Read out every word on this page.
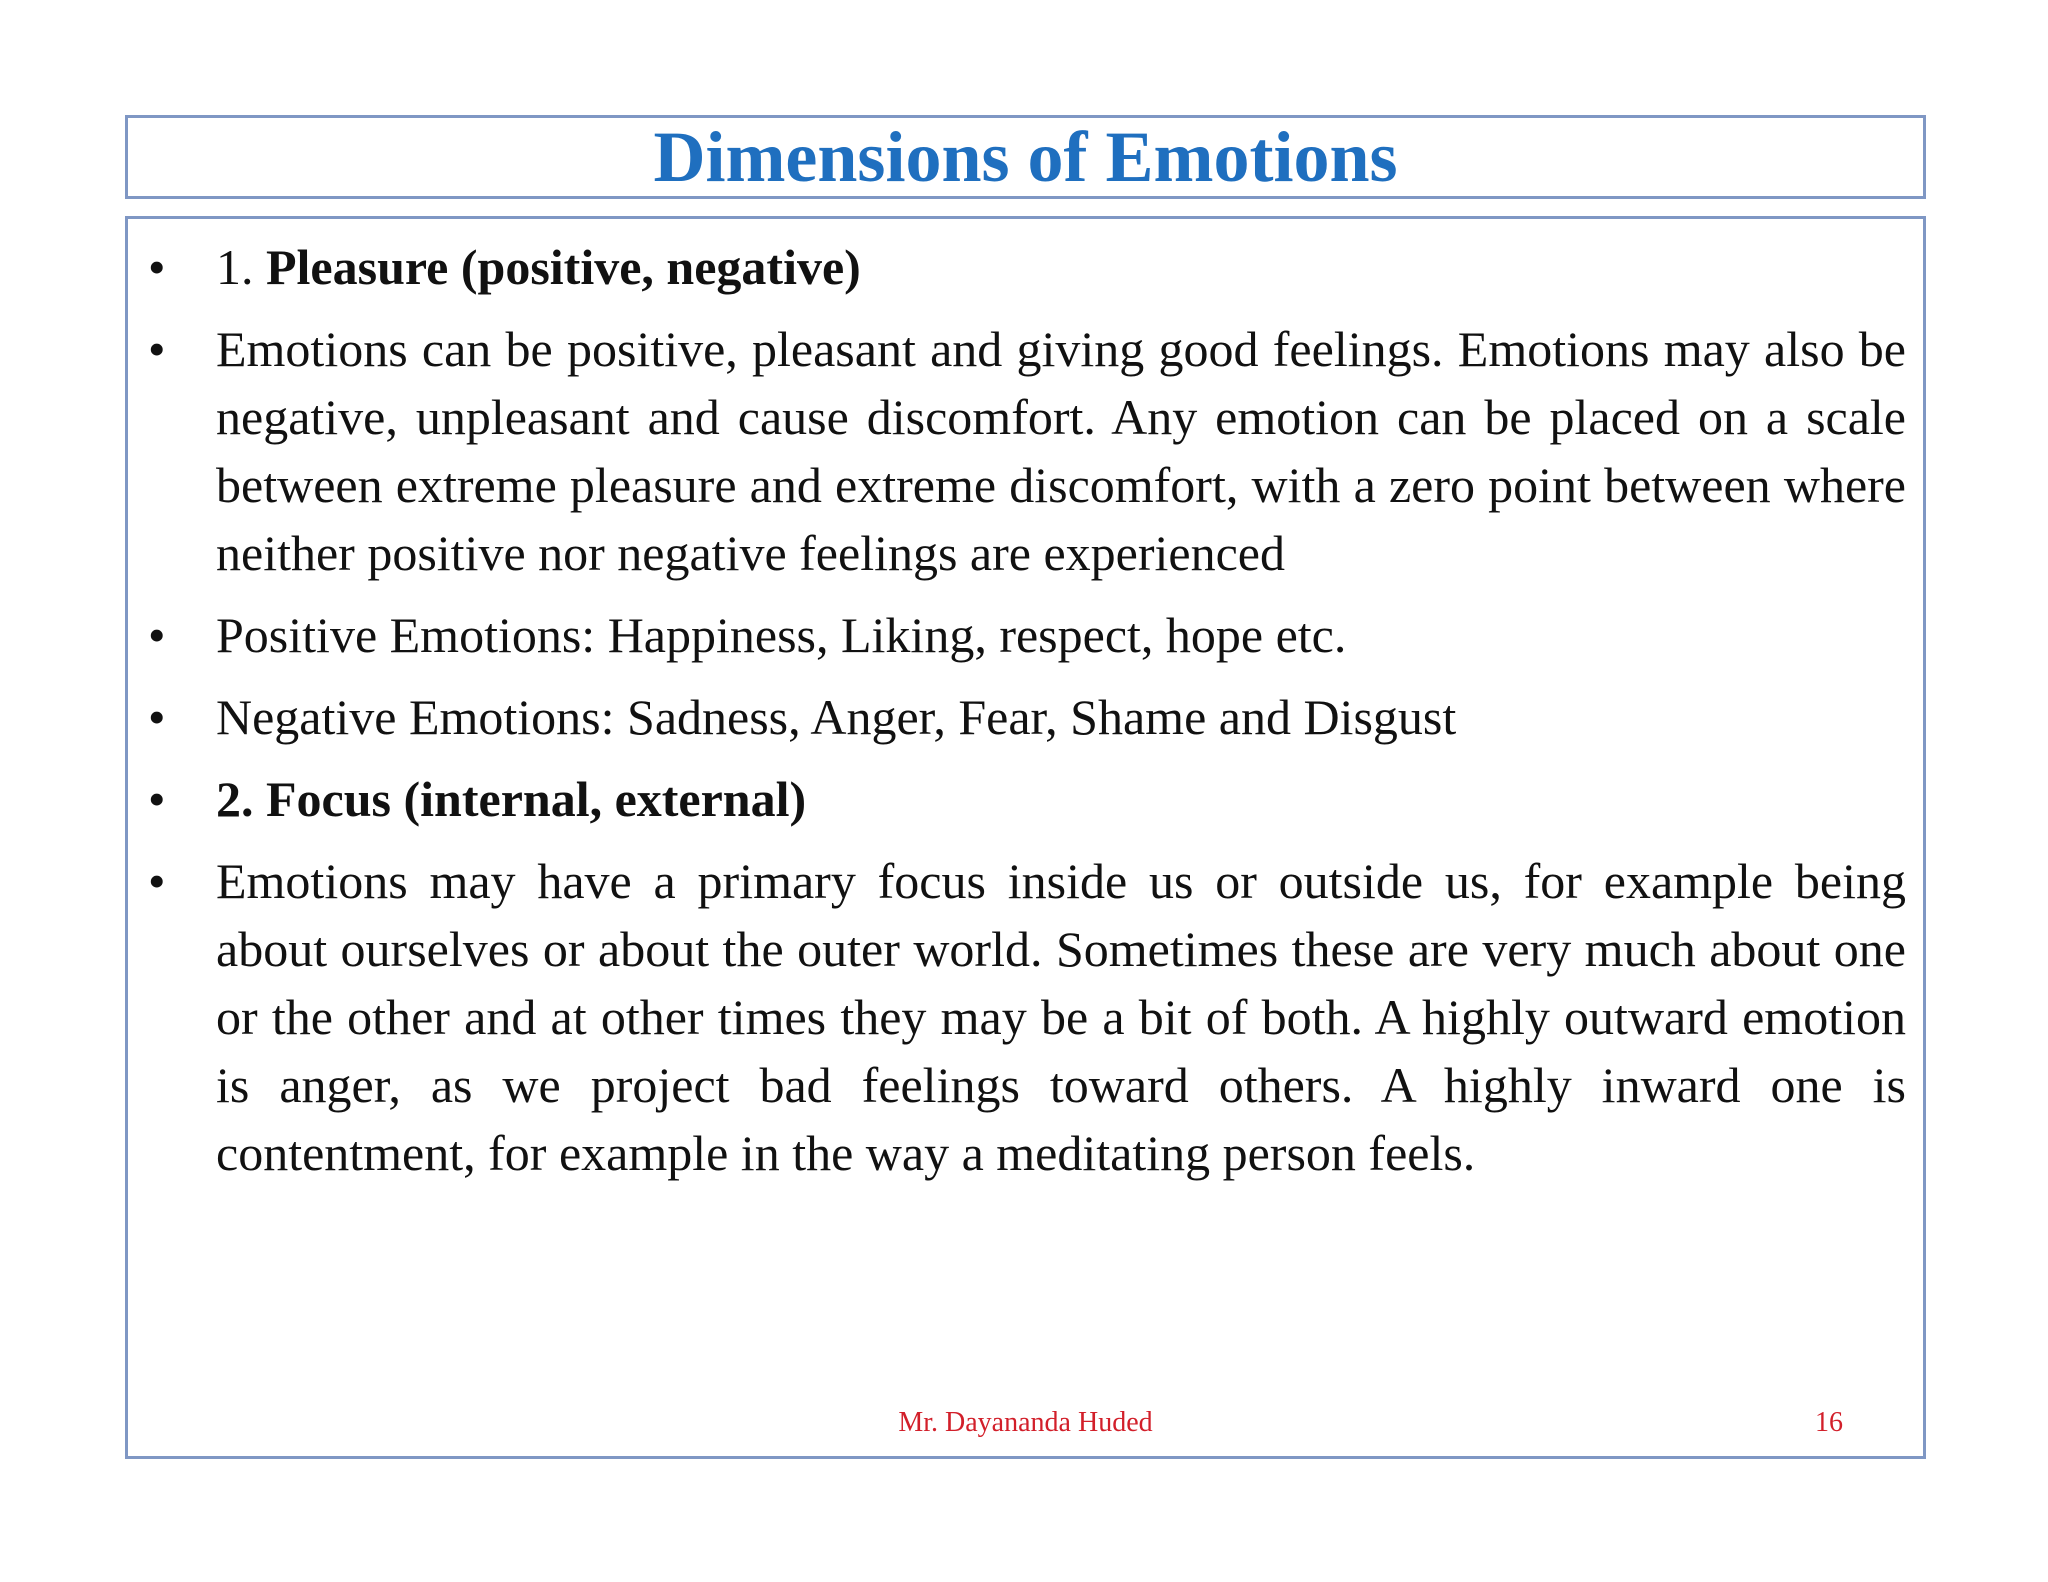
Dimensions of Emotions
•	1. Pleasure (positive, negative)
•	Emotions can be positive, pleasant and giving good feelings. Emotions may also be negative, unpleasant and cause discomfort. Any emotion can be placed on a scale between extreme pleasure and extreme discomfort, with a zero point between where neither positive nor negative feelings are experienced
•	Positive Emotions: Happiness, Liking, respect, hope etc.
•	Negative Emotions: Sadness, Anger, Fear, Shame and Disgust
•	2. Focus (internal, external)
•	Emotions may have a primary focus inside us or outside us, for example being about ourselves or about the outer world. Sometimes these are very much about one or the other and at other times they may be a bit of both. A highly outward emotion is anger, as we project bad feelings toward others. A highly inward one is contentment, for example in the way a meditating person feels.
Mr. Dayananda Huded	16
